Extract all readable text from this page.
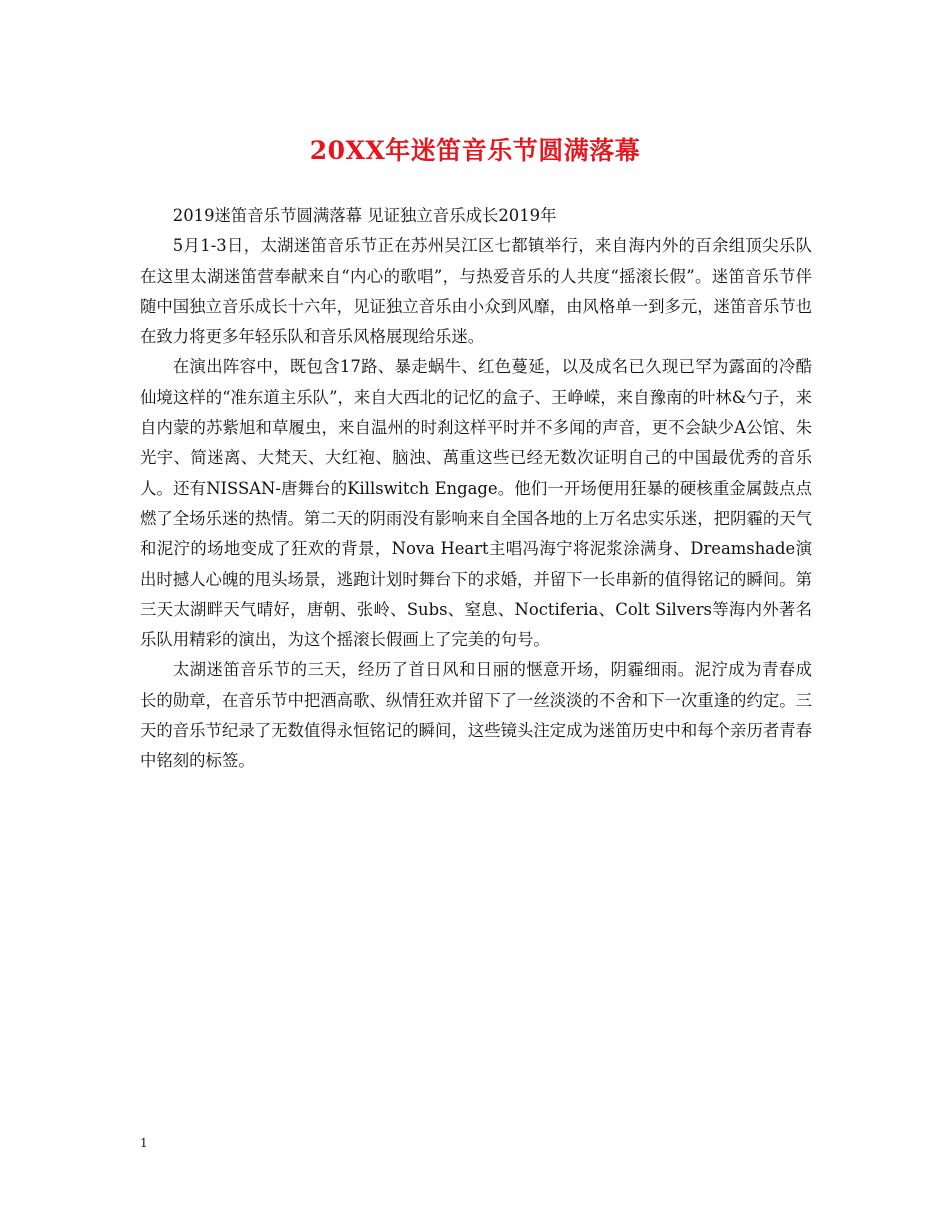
20XX年迷笛音乐节圆满落幕

2019迷笛音乐节圆满落幕 见证独立音乐成长2019年

5月1-3日，太湖迷笛音乐节正在苏州吴江区七都镇举行，来自海内外的百余组顶尖乐队在这里太湖迷笛营奉献来自“内心的歌唱”，与热爱音乐的人共度“摇滚长假”。迷笛音乐节伴随中国独立音乐成长十六年，见证独立音乐由小众到风靡，由风格单一到多元，迷笛音乐节也在致力将更多年轻乐队和音乐风格展现给乐迷。

在演出阵容中，既包含17路、暴走蜗牛、红色蔓延，以及成名已久现已罕为露面的冷酷仙境这样的“准东道主乐队”，来自大西北的记忆的盒子、王峥嵘，来自豫南的叶林&勺子，来自内蒙的苏紫旭和草履虫，来自温州的时刹这样平时并不多闻的声音，更不会缺少A公馆、朱光宇、简迷离、大梵天、大红袍、脑浊、萬重这些已经无数次证明自己的中国最优秀的音乐人。还有NISSAN-唐舞台的Killswitch Engage。他们一开场便用狂暴的硬核重金属鼓点点燃了全场乐迷的热情。第二天的阴雨没有影响来自全国各地的上万名忠实乐迷，把阴霾的天气和泥泞的场地变成了狂欢的背景，Nova Heart主唱冯海宁将泥浆涂满身、Dreamshade演出时撼人心魄的甩头场景，逃跑计划时舞台下的求婚，并留下一长串新的值得铭记的瞬间。第三天太湖畔天气晴好，唐朝、张岭、Subs、窒息、Noctiferia、Colt Silvers等海内外著名乐队用精彩的演出，为这个摇滚长假画上了完美的句号。

太湖迷笛音乐节的三天，经历了首日风和日丽的惬意开场，阴霾细雨。泥泞成为青春成长的勋章，在音乐节中把酒高歌、纵情狂欢并留下了一丝淡淡的不舍和下一次重逢的约定。三天的音乐节纪录了无数值得永恒铭记的瞬间，这些镜头注定成为迷笛历史中和每个亲历者青春中铭刻的标签。

1
